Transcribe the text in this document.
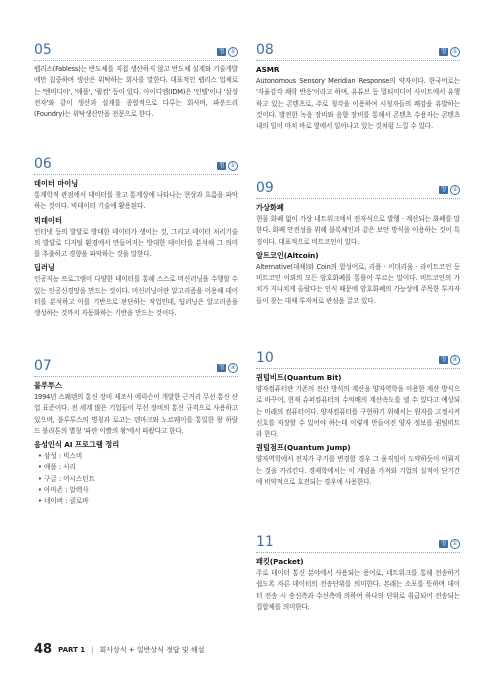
05	정 ①

팹리스(Fabless)는 반도체를 직접 생산하지 않고 반도체 설계와 기술개발에만 집중하며 생산은 위탁하는 회사를 말한다. 대표적인 팹리스 업체로는 '엔비디아', '애플', '퀄컴' 등이 있다. 아이디엠(IDM)은 '인텔'이나 '삼성전자'와 같이 생산과 설계를 종합적으로 다루는 회사며, 파운드리(Foundry)는 위탁생산만을 전문으로 한다.

06	정 ①
데이터 마이닝

통계학적 관점에서 데이터를 찾고 통계상에 나타나는 현상과 흐름을 파악하는 것이다. 빅데이터 기술에 활용된다.

빅데이터

인터넷 등의 발달로 방대한 데이터가 생이는 것, 그리고 데이터 처리기술의 발달로 디지털 환경에서 만들어지는 방대한 데이터를 분석해 그 의미를 추출하고 경향을 파악하는 것을 말한다.

딥러닝

인공지능 프로그램이 다양한 데이터를 통해 스스로 머신러닝을 수행할 수 있는 인공신경망을 만드는 것이다. 머신러닝이란 알고리즘을 이용해 데이터를 분석하고 이를 기반으로 판단하는 작업인데, 딥러닝은 알고리즘을 생성하는 것까지 자동화하는 기반을 만드는 것이다.

07	정 ④
블루투스

1994년 스웨덴의 통신 장비 제조사 에릭슨이 개발한 근거리 무선 통신 산업 표준이다. 전 세계 많은 기업들이 무선 장비의 통신 규격으로 사용하고 있으며, 블루투스의 명칭과 로고는 덴마크와 노르웨이를 통일한 왕 하랄드 블라톤의 별칭 '파란 이빨의 왕'에서 따왔다고 한다.

음성인식 AI 프로그램 정리
• 삼성 : 빅스비
• 애플 : 시리
• 구글 : 어시스턴트
• 아마존 : 알렉사
• 네이버 : 클로바
08	정 ①
ASMR

Autonomous Sensory Meridian Response의 약자이다. 한국어로는 '자율감각 쾌락 반응'이라고 하며, 유튜브 등 멀티미디어 사이트에서 유행하고 있는 콘텐츠로, 주로 청각을 이용하여 시청자들의 쾌감을 유발하는 것이다. 발전한 녹음 장비와 음향 장비를 통해서 콘텐츠 수용자는 콘텐츠 내의 일이 마치 바로 옆에서 일어나고 있는 것처럼 느낄 수 있다.

09	정 ②
가상화폐

현물 화폐 없이 가상 네트워크에서 전자식으로 발행 · 계산되는 화폐를 말한다. 화폐 안전성을 위해 블록체인과 같은 보안 방식을 이용하는 것이 특징이다. 대표적으로 비트코인이 있다.

알트코인(Altcoin)

Alternative(대체)와 Coin의 합성어로, 리플 · 이더리움 · 라이트코인 등 비트코인 이외의 모든 암호화폐를 통틀어 부르는 말이다. 비트코인의 가치가 지나치게 올랐다는 인식 때문에 암호화폐의 가능성에 주목한 투자자들이 찾는 대체 투자처로 관심을 끌고 있다.

10	정 ④
퀀텀비트(Quantum Bit)

양자컴퓨터란 기존의 전산 방식의 계산을 양자역학을 이용한 계산 방식으로 바꾸어, 현재 슈퍼컴퓨터의 수억배의 계산속도를 낼 수 있다고 예상되는 미래의 컴퓨터이다. 양자컴퓨터를 구현하기 위해서는 원자를 고정시켜 신호를 저장할 수 있어야 하는데 이렇게 만들어진 양자 정보를 퀀텀비트라 한다.

퀀텀점프(Quantum Jump)

양자역학에서 전자가 주기를 변경할 경우 그 움직임이 도약하듯이 이뤄지는 것을 가리킨다. 경제학에서는 이 개념을 가져와 기업의 실적이 단기간에 비약적으로 호전되는 경우에 사용한다.

11	정 ①
패킷(Packet)

주로 데이터 통신 분야에서 사용되는 용어로, 네트워크를 통해 전송하기 쉽도록 자른 데이터의 전송단위를 의미한다. 본래는 소포를 뜻하며 데이터 전송 시 송신측과 수신측에 의하여 하나의 단위로 취급되어 전송되는 집합체를 의미한다.

48 PART 1 | 회사상식 + 일반상식 정답 및 해설
